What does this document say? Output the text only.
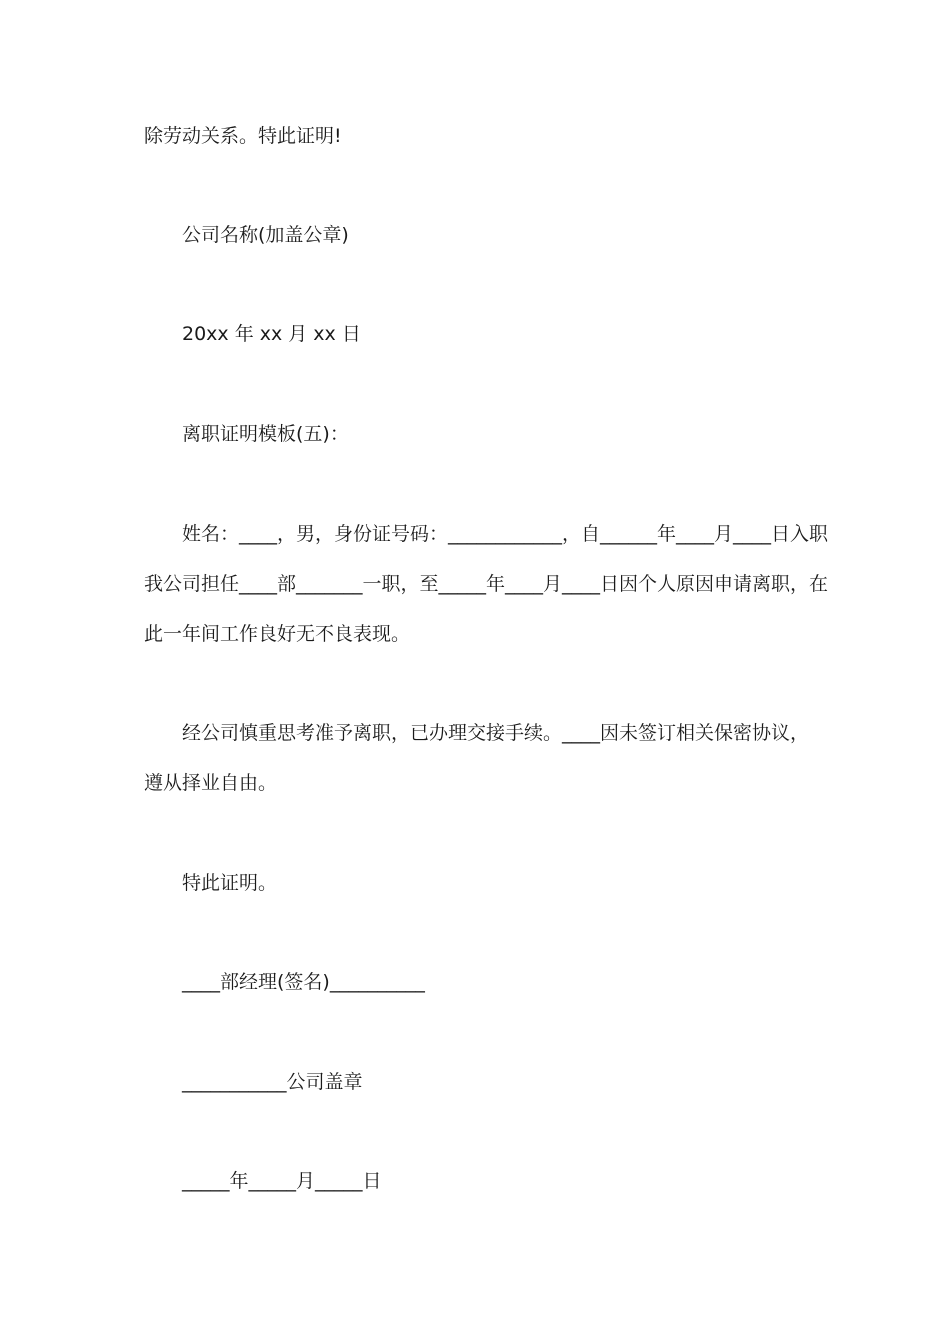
除劳动关系。特此证明!
公司名称(加盖公章)
20xx 年 xx 月 xx 日
离职证明模板(五)：
姓名：____，男，身份证号码：____________，自______年____月____日入职
我公司担任____部_______一职，至_____年____月____日因个人原因申请离职，在
此一年间工作良好无不良表现。
经公司慎重思考准予离职，已办理交接手续。____因未签订相关保密协议，
遵从择业自由。
特此证明。
____部经理(签名)__________
___________公司盖章
_____年_____月_____日
